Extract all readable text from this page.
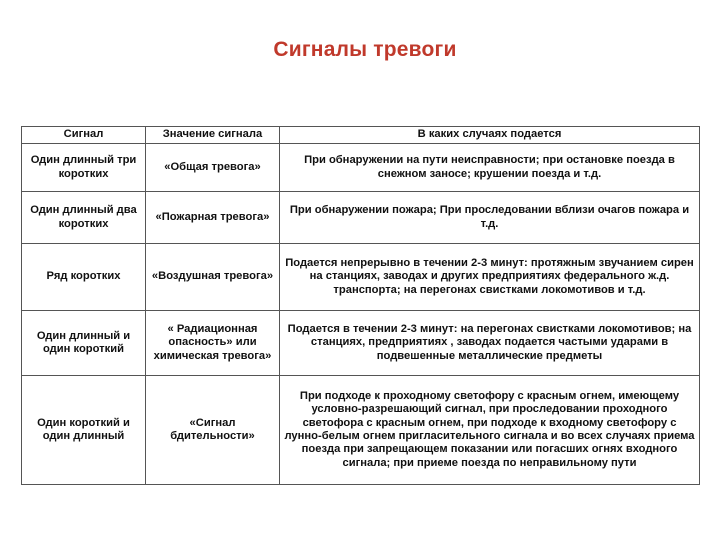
Сигналы тревоги
Сигнал	Значение сигнала	В каких случаях подается
Один длинный три коротких	«Общая тревога»	При обнаружении на пути неисправности; при остановке поезда в снежном заносе; крушении поезда и т.д.
Один длинный два коротких	«Пожарная тревога»	При обнаружении пожара; При проследовании вблизи очагов пожара и т.д.
Ряд коротких	«Воздушная тревога»	Подается непрерывно в течении 2-3 минут: протяжным звучанием сирен на станциях, заводах и других предприятиях федерального ж.д. транспорта; на перегонах свистками локомотивов и т.д.
Один длинный и один короткий	« Радиационная опасность» или химическая тревога»	Подается в течении 2-3 минут: на перегонах свистками локомотивов; на станциях, предприятиях , заводах подается частыми ударами в подвешенные металлические предметы
Один короткий и один длинный	«Сигнал бдительности»	При подходе к проходному светофору с красным огнем, имеющему условно-разрешающий сигнал, при проследовании проходного светофора с красным огнем, при подходе к входному светофору с лунно-белым огнем пригласительного сигнала и во всех случаях приема поезда при запрещающем показании или погасших огнях входного сигнала; при приеме поезда по неправильному пути
